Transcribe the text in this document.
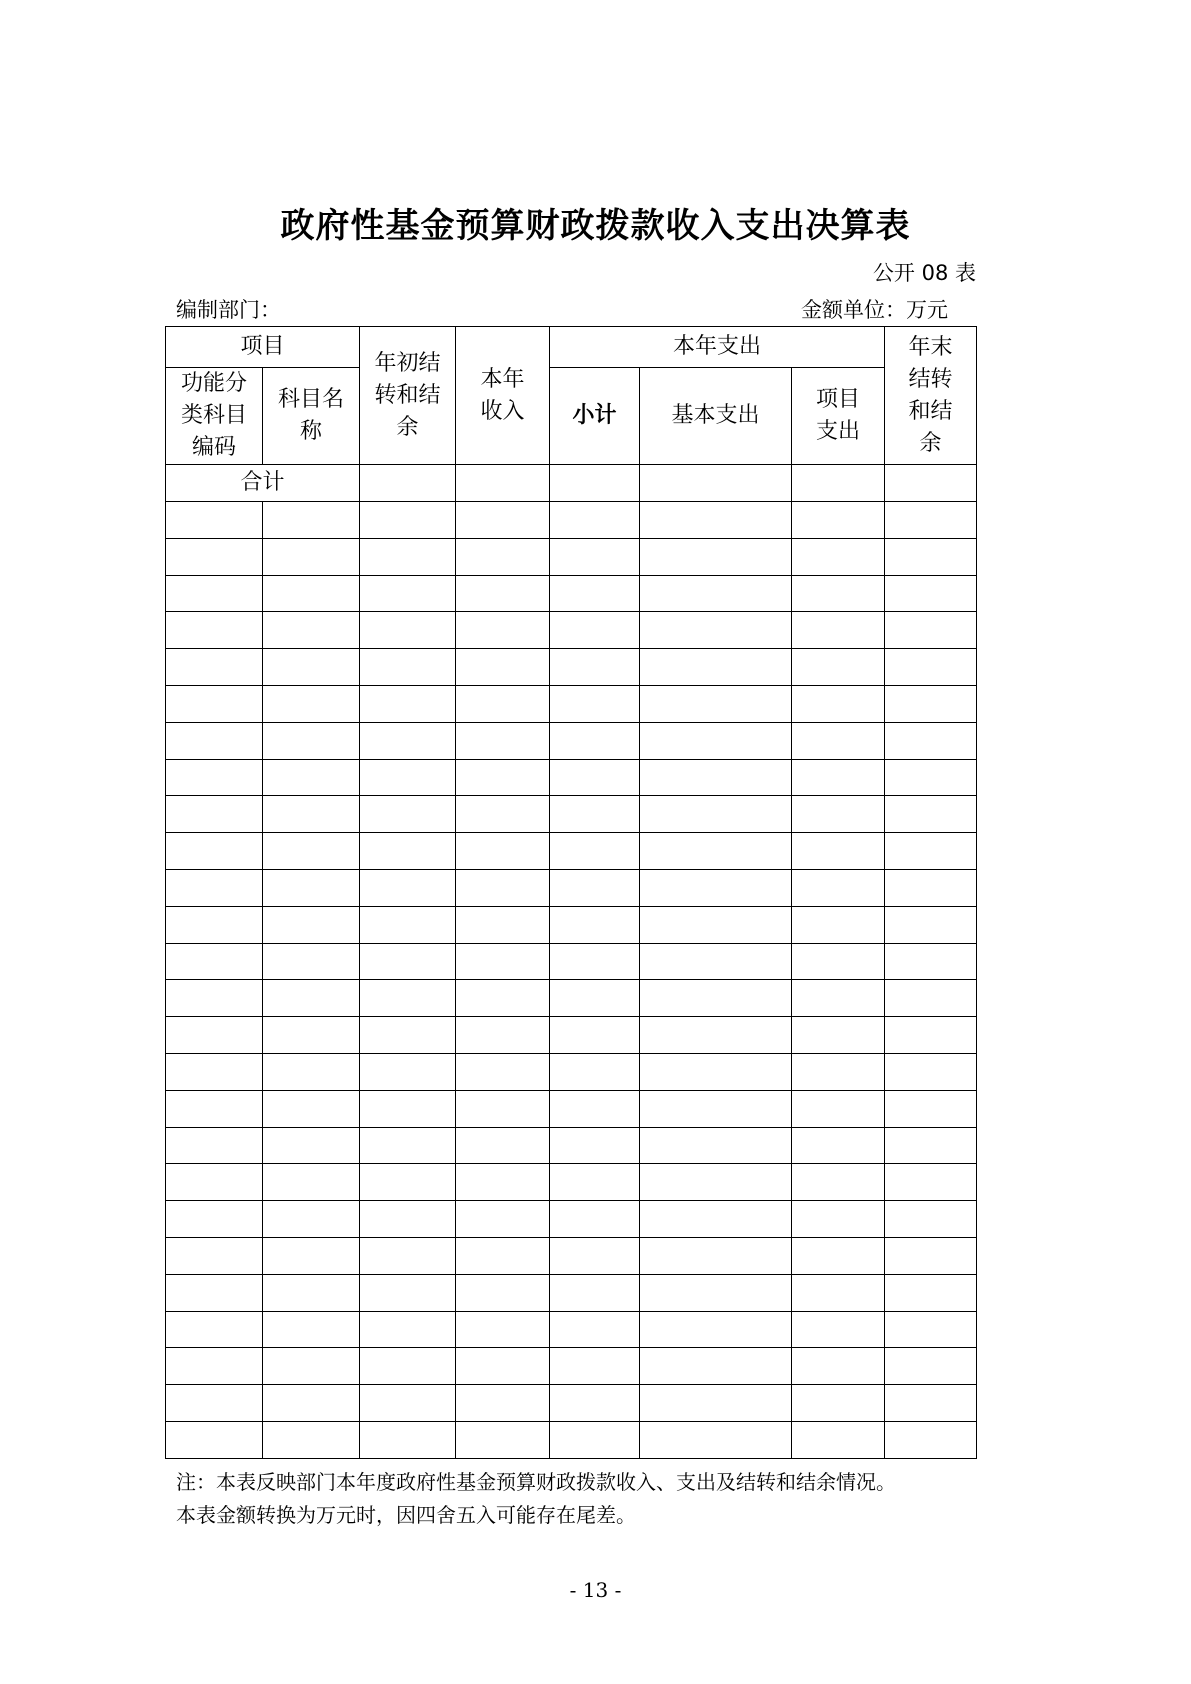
政府性基金预算财政拨款收入支出决算表
公开 08 表
编制部门：	金额单位：万元
项目		年初结转和结余	本年收入	本年支出			年末结转和结余
功能分类科目编码	科目名称			小计	基本支出	项目支出	
合计							

注：本表反映部门本年度政府性基金预算财政拨款收入、支出及结转和结余情况。
本表金额转换为万元时，因四舍五入可能存在尾差。
- 13 -
